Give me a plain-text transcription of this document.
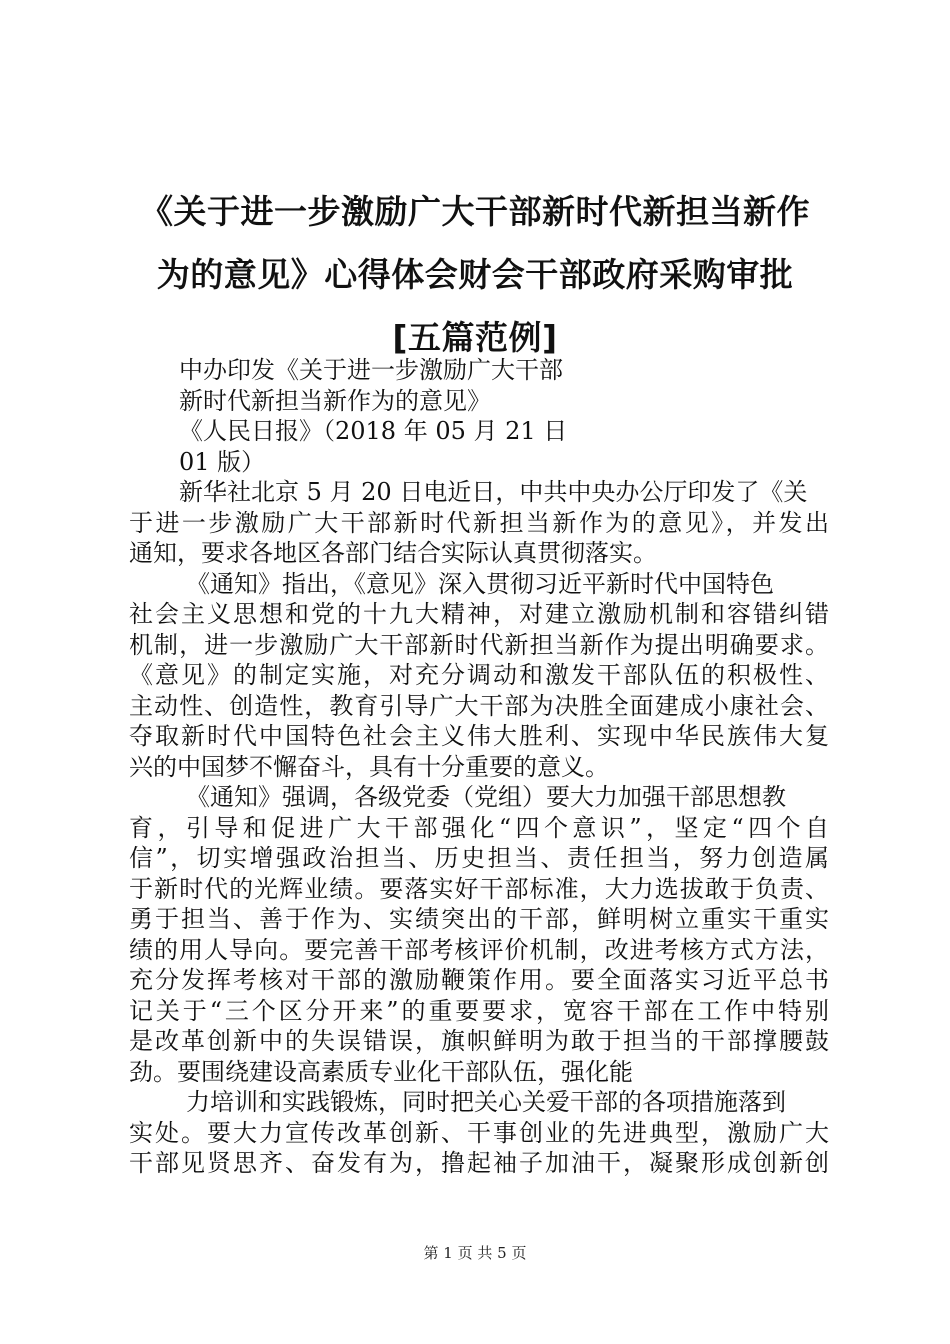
《关于进一步激励广大干部新时代新担当新作
为的意见》心得体会财会干部政府采购审批
[五篇范例]
中办印发《关于进一步激励广大干部
新时代新担当新作为的意见》
《人民日报》（2018 年 05 月 21 日
01 版）
新华社北京 5 月 20 日电近日，中共中央办公厅印发了《关
于进一步激励广大干部新时代新担当新作为的意见》，并发出
通知，要求各地区各部门结合实际认真贯彻落实。
《通知》指出，《意见》深入贯彻习近平新时代中国特色
社会主义思想和党的十九大精神，对建立激励机制和容错纠错
机制，进一步激励广大干部新时代新担当新作为提出明确要求。
《意见》的制定实施，对充分调动和激发干部队伍的积极性、
主动性、创造性，教育引导广大干部为决胜全面建成小康社会、
夺取新时代中国特色社会主义伟大胜利、实现中华民族伟大复
兴的中国梦不懈奋斗，具有十分重要的意义。
《通知》强调，各级党委（党组）要大力加强干部思想教
育，引导和促进广大干部强化“四个意识”，坚定“四个自
信”，切实增强政治担当、历史担当、责任担当，努力创造属
于新时代的光辉业绩。要落实好干部标准，大力选拔敢于负责、
勇于担当、善于作为、实绩突出的干部，鲜明树立重实干重实
绩的用人导向。要完善干部考核评价机制，改进考核方式方法，
充分发挥考核对干部的激励鞭策作用。要全面落实习近平总书
记关于“三个区分开来”的重要要求，宽容干部在工作中特别
是改革创新中的失误错误，旗帜鲜明为敢于担当的干部撑腰鼓
劲。要围绕建设高素质专业化干部队伍，强化能
力培训和实践锻炼，同时把关心关爱干部的各项措施落到
实处。要大力宣传改革创新、干事创业的先进典型，激励广大
干部见贤思齐、奋发有为，撸起袖子加油干，凝聚形成创新创
第 1 页 共 5 页
